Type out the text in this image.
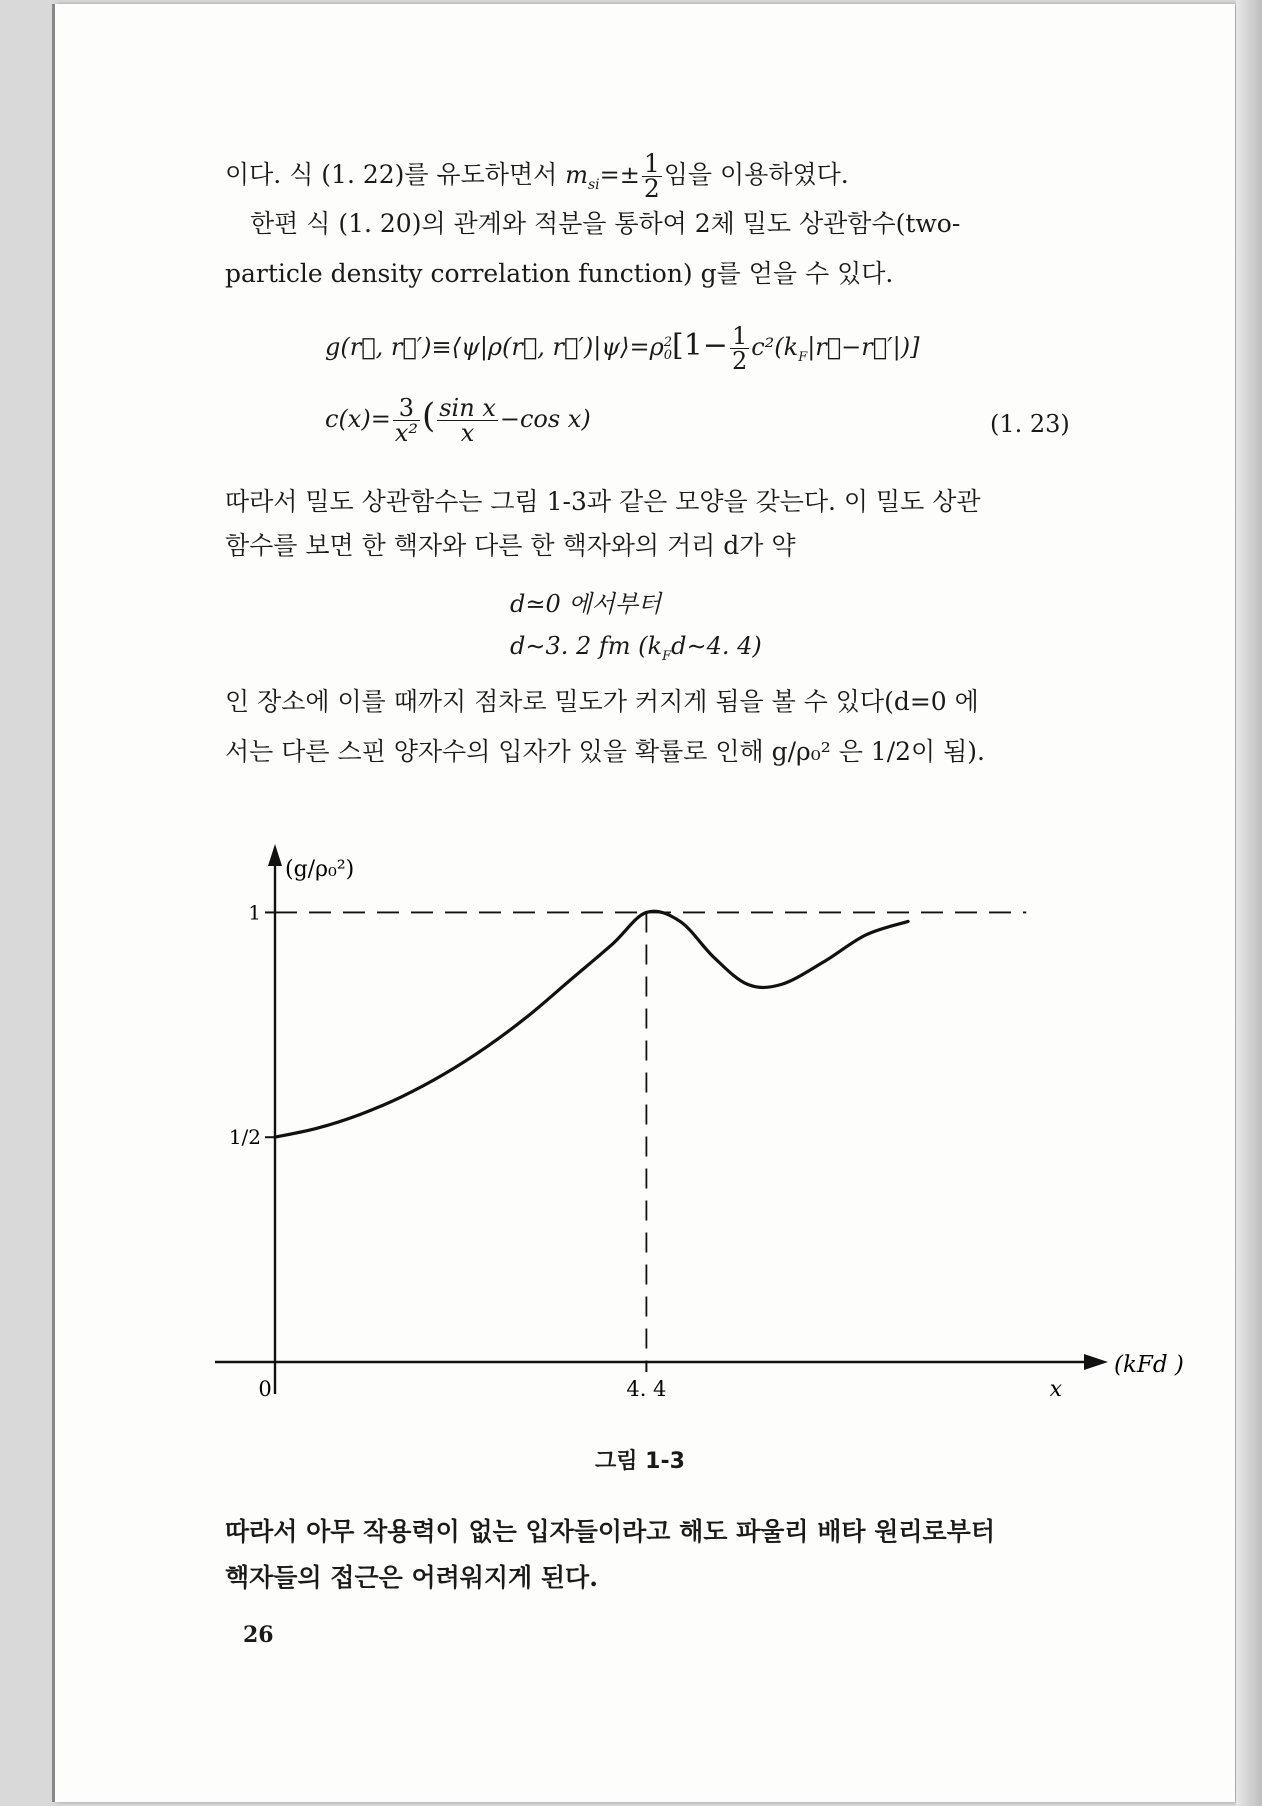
이다. 식 (1. 22)를 유도하면서 $m_{si}=\pm \frac{1}{2}$ 임을 이용하였다.
한편 식 (1. 20)의 관계와 적분을 통하여 2체 밀도 상관함수(two-
particle density correlation function) g를 얻을 수 있다.
g(r⃗, r⃗′)≡⟨ψ|ρ(r⃗, r⃗′)|ψ⟩=ρ 2
0 [$1- \frac{1}{2}$ $c^2(k_F|r⃗-r⃗'|)$]
$c(x)= \frac{3}{\text{x²}}$ ( $\frac{\text{sin x}}{x} -\cos$ x)	(1. 23)
따라서 밀도 상관함수는 그림 1-3과 같은 모양을 갖는다. 이 밀도 상관
함수를 보면 한 핵자와 다른 한 핵자와의 거리 d가 약
d≃0 에서부터
d∼3. 2 fm ($k_Fd\sim 4$. 4)
인 장소에 이를 때까지 점차로 밀도가 커지게 됨을 볼 수 있다(d=0 에
서는 다른 스핀 양자수의 입자가 있을 확률로 인해 g/ρ₀² 은 1/2이 됨).
1/2
1
0	4. 4
(g/ρ₀²)
x
(kFd )
그림 1-3
따라서 아무 작용력이 없는 입자들이라고 해도 파울리 배타 원리로부터
핵자들의 접근은 어려워지게 된다.
26
